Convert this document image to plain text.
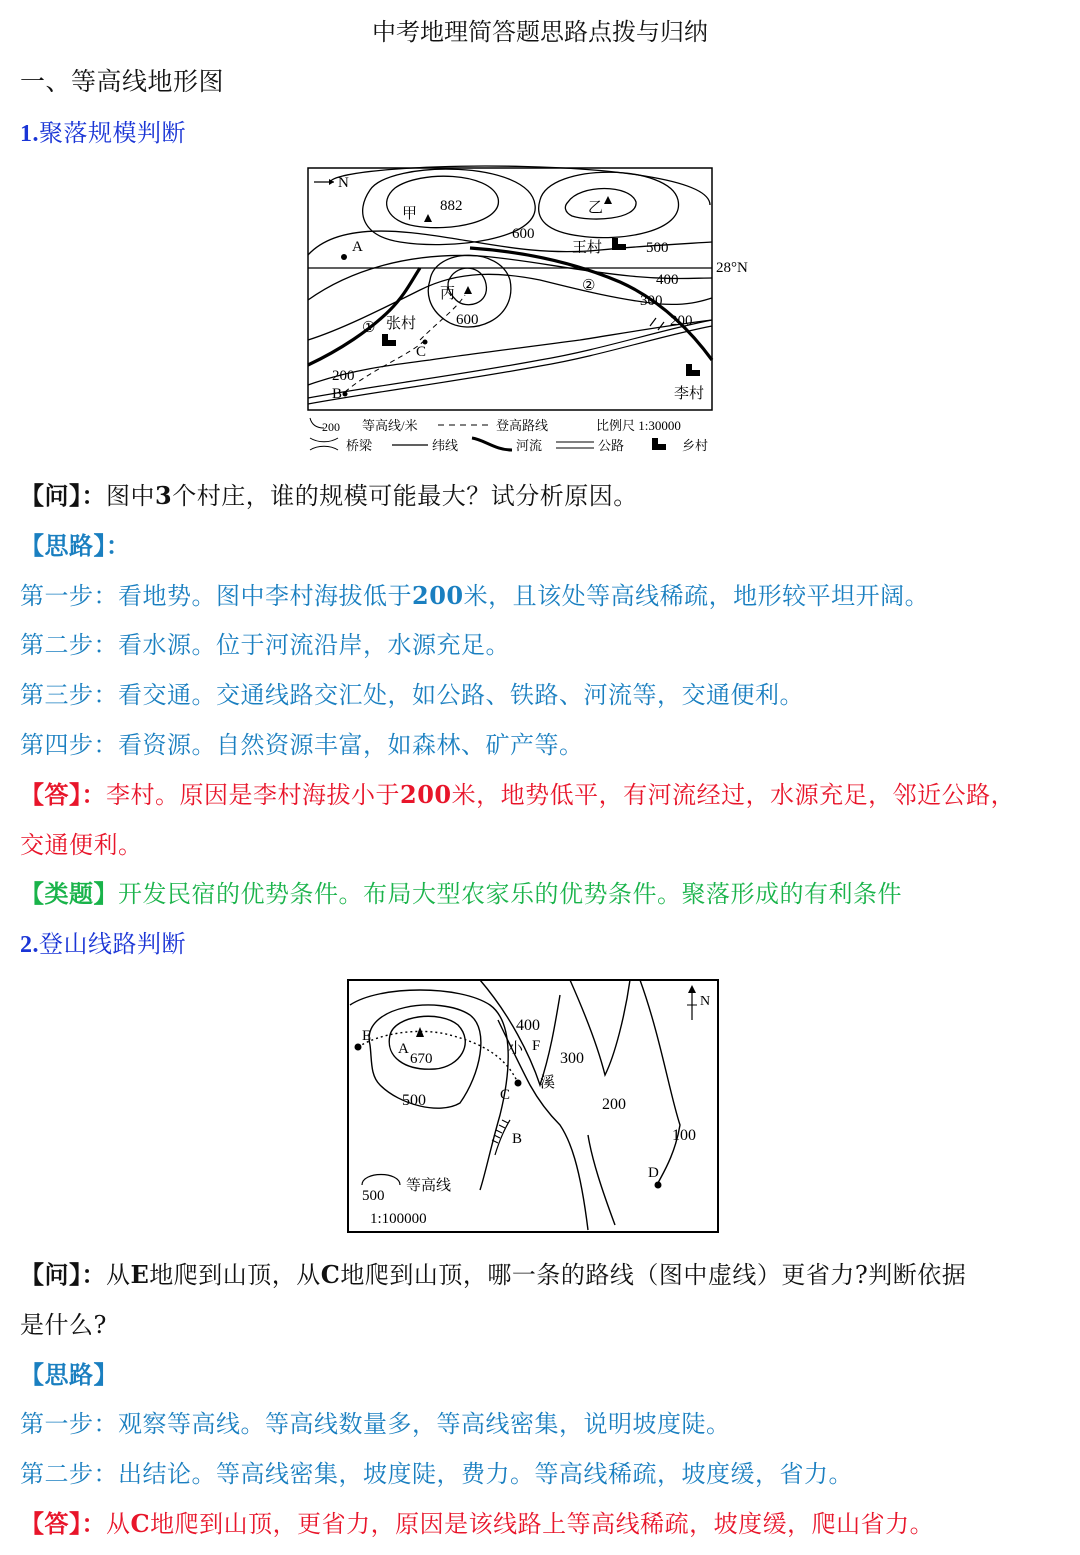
中考地理简答题思路点拨与归纳
一、等高线地形图
1.聚落规模判断
N
28°N
甲 882	乙
600
王村	500
400
300
200
丙
600
①
②
张村
A
B
C
200
李村
200 等高线/米	登高路线	比例尺 1:30000
桥梁	纬线	河流	公路	乡村
【问】：图中3个村庄，谁的规模可能最大？试分析原因。
【思路】：
第一步：看地势。图中李村海拔低于200米，且该处等高线稀疏，地形较平坦开阔。
第二步：看水源。位于河流沿岸，水源充足。
第三步：看交通。交通线路交汇处，如公路、铁路、河流等，交通便利。
第四步：看资源。自然资源丰富，如森林、矿产等。
【答】：李村。原因是李村海拔小于200米，地势低平，有河流经过，水源充足，邻近公路，
交通便利。
【类题】开发民宿的优势条件。布局大型农家乐的优势条件。聚落形成的有利条件
2.登山线路判断
N
E
A
670
500
400
小 F
300
溪
C
200
B	100
D
500
等高线
1:100000
【问】：从E地爬到山顶，从C地爬到山顶，哪一条的路线（图中虚线）更省力?判断依据
是什么?
【思路】
第一步：观察等高线。等高线数量多，等高线密集，说明坡度陡。
第二步：出结论。等高线密集，坡度陡，费力。等高线稀疏，坡度缓，省力。
【答】：从C地爬到山顶，更省力，原因是该线路上等高线稀疏，坡度缓，爬山省力。
